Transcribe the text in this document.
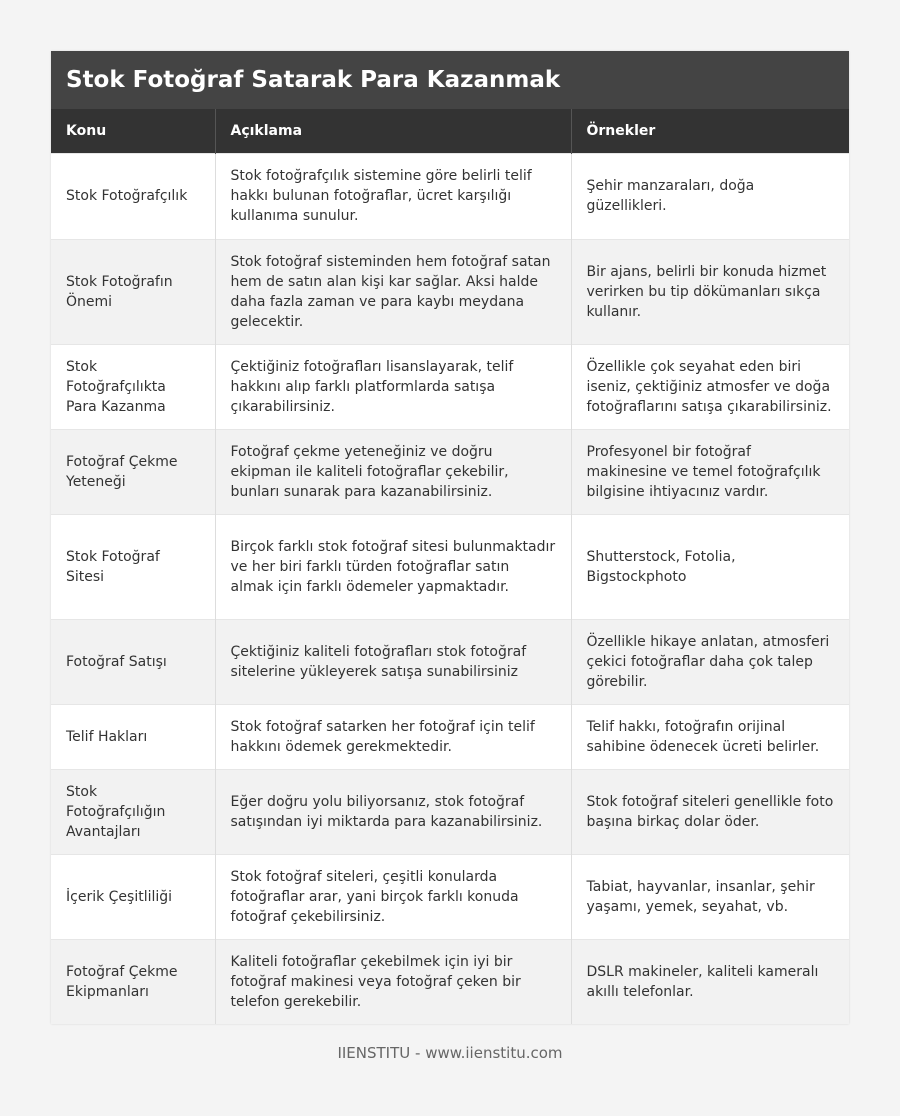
Stok Fotoğraf Satarak Para Kazanmak
Konu	Açıklama	Örnekler
Stok Fotoğrafçılık	Stok fotoğrafçılık sistemine göre belirli telif hakkı bulunan fotoğraflar, ücret karşılığı kullanıma sunulur.	Şehir manzaraları, doğa güzellikleri.
Stok Fotoğrafın Önemi	Stok fotoğraf sisteminden hem fotoğraf satan hem de satın alan kişi kar sağlar. Aksi halde daha fazla zaman ve para kaybı meydana gelecektir.	Bir ajans, belirli bir konuda hizmet verirken bu tip dökümanları sıkça kullanır.
Stok Fotoğrafçılıkta Para Kazanma	Çektiğiniz fotoğrafları lisanslayarak, telif hakkını alıp farklı platformlarda satışa çıkarabilirsiniz.	Özellikle çok seyahat eden biri iseniz, çektiğiniz atmosfer ve doğa fotoğraflarını satışa çıkarabilirsiniz.
Fotoğraf Çekme Yeteneği	Fotoğraf çekme yeteneğiniz ve doğru ekipman ile kaliteli fotoğraflar çekebilir, bunları sunarak para kazanabilirsiniz.	Profesyonel bir fotoğraf makinesine ve temel fotoğrafçılık bilgisine ihtiyacınız vardır.
Stok Fotoğraf Sitesi	Birçok farklı stok fotoğraf sitesi bulunmaktadır ve her biri farklı türden fotoğraflar satın almak için farklı ödemeler yapmaktadır.	Shutterstock, Fotolia, Bigstockphoto
Fotoğraf Satışı	Çektiğiniz kaliteli fotoğrafları stok fotoğraf sitelerine yükleyerek satışa sunabilirsiniz	Özellikle hikaye anlatan, atmosferi çekici fotoğraflar daha çok talep görebilir.
Telif Hakları	Stok fotoğraf satarken her fotoğraf için telif hakkını ödemek gerekmektedir.	Telif hakkı, fotoğrafın orijinal sahibine ödenecek ücreti belirler.
Stok Fotoğrafçılığın Avantajları	Eğer doğru yolu biliyorsanız, stok fotoğraf satışından iyi miktarda para kazanabilirsiniz.	Stok fotoğraf siteleri genellikle foto başına birkaç dolar öder.
İçerik Çeşitliliği	Stok fotoğraf siteleri, çeşitli konularda fotoğraflar arar, yani birçok farklı konuda fotoğraf çekebilirsiniz.	Tabiat, hayvanlar, insanlar, şehir yaşamı, yemek, seyahat, vb.
Fotoğraf Çekme Ekipmanları	Kaliteli fotoğraflar çekebilmek için iyi bir fotoğraf makinesi veya fotoğraf çeken bir telefon gerekebilir.	DSLR makineler, kaliteli kameralı akıllı telefonlar.
IIENSTITU - www.iienstitu.com
